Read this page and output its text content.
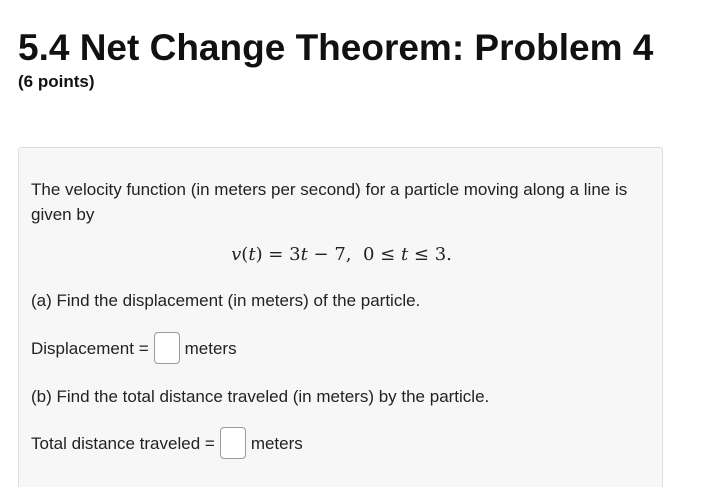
5.4 Net Change Theorem: Problem 4
(6 points)

The velocity function (in meters per second) for a particle moving along a line is given by

v(t) = 3t − 7,  0 ≤ t ≤ 3.

(a) Find the displacement (in meters) of the particle.

Displacement = meters

(b) Find the total distance traveled (in meters) by the particle.

Total distance traveled = meters
